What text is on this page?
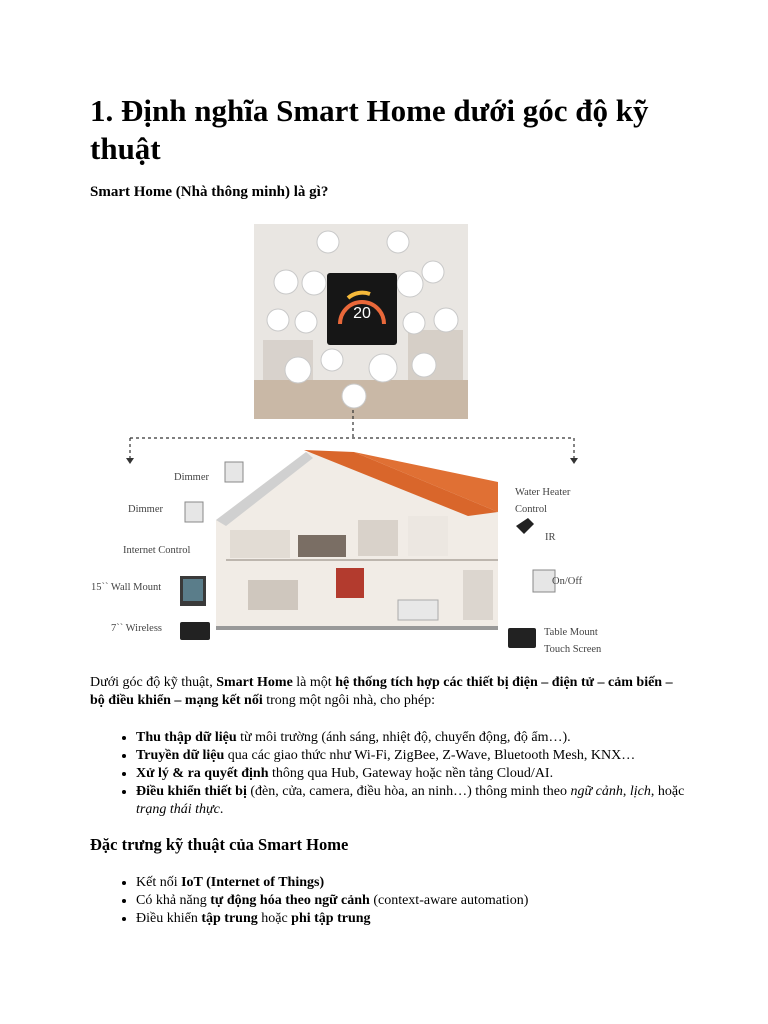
1. Định nghĩa Smart Home dưới góc độ kỹ thuật

Smart Home (Nhà thông minh) là gì?

20
Dimmer
Dimmer
Internet Control
15`` Wall Mount
7`` Wireless
Water Heater
Control
IR
On/Off
Table Mount
Touch Screen

Dưới góc độ kỹ thuật, Smart Home là một hệ thống tích hợp các thiết bị điện – điện tử – cảm biến – bộ điều khiển – mạng kết nối trong một ngôi nhà, cho phép:

• Thu thập dữ liệu từ môi trường (ánh sáng, nhiệt độ, chuyển động, độ ẩm…).
• Truyền dữ liệu qua các giao thức như Wi-Fi, ZigBee, Z-Wave, Bluetooth Mesh, KNX…
• Xử lý & ra quyết định thông qua Hub, Gateway hoặc nền tảng Cloud/AI.
• Điều khiển thiết bị (đèn, cửa, camera, điều hòa, an ninh…) thông minh theo ngữ cảnh, lịch, hoặc trạng thái thực.

Đặc trưng kỹ thuật của Smart Home

• Kết nối IoT (Internet of Things)
• Có khả năng tự động hóa theo ngữ cảnh (context-aware automation)
• Điều khiển tập trung hoặc phi tập trung
